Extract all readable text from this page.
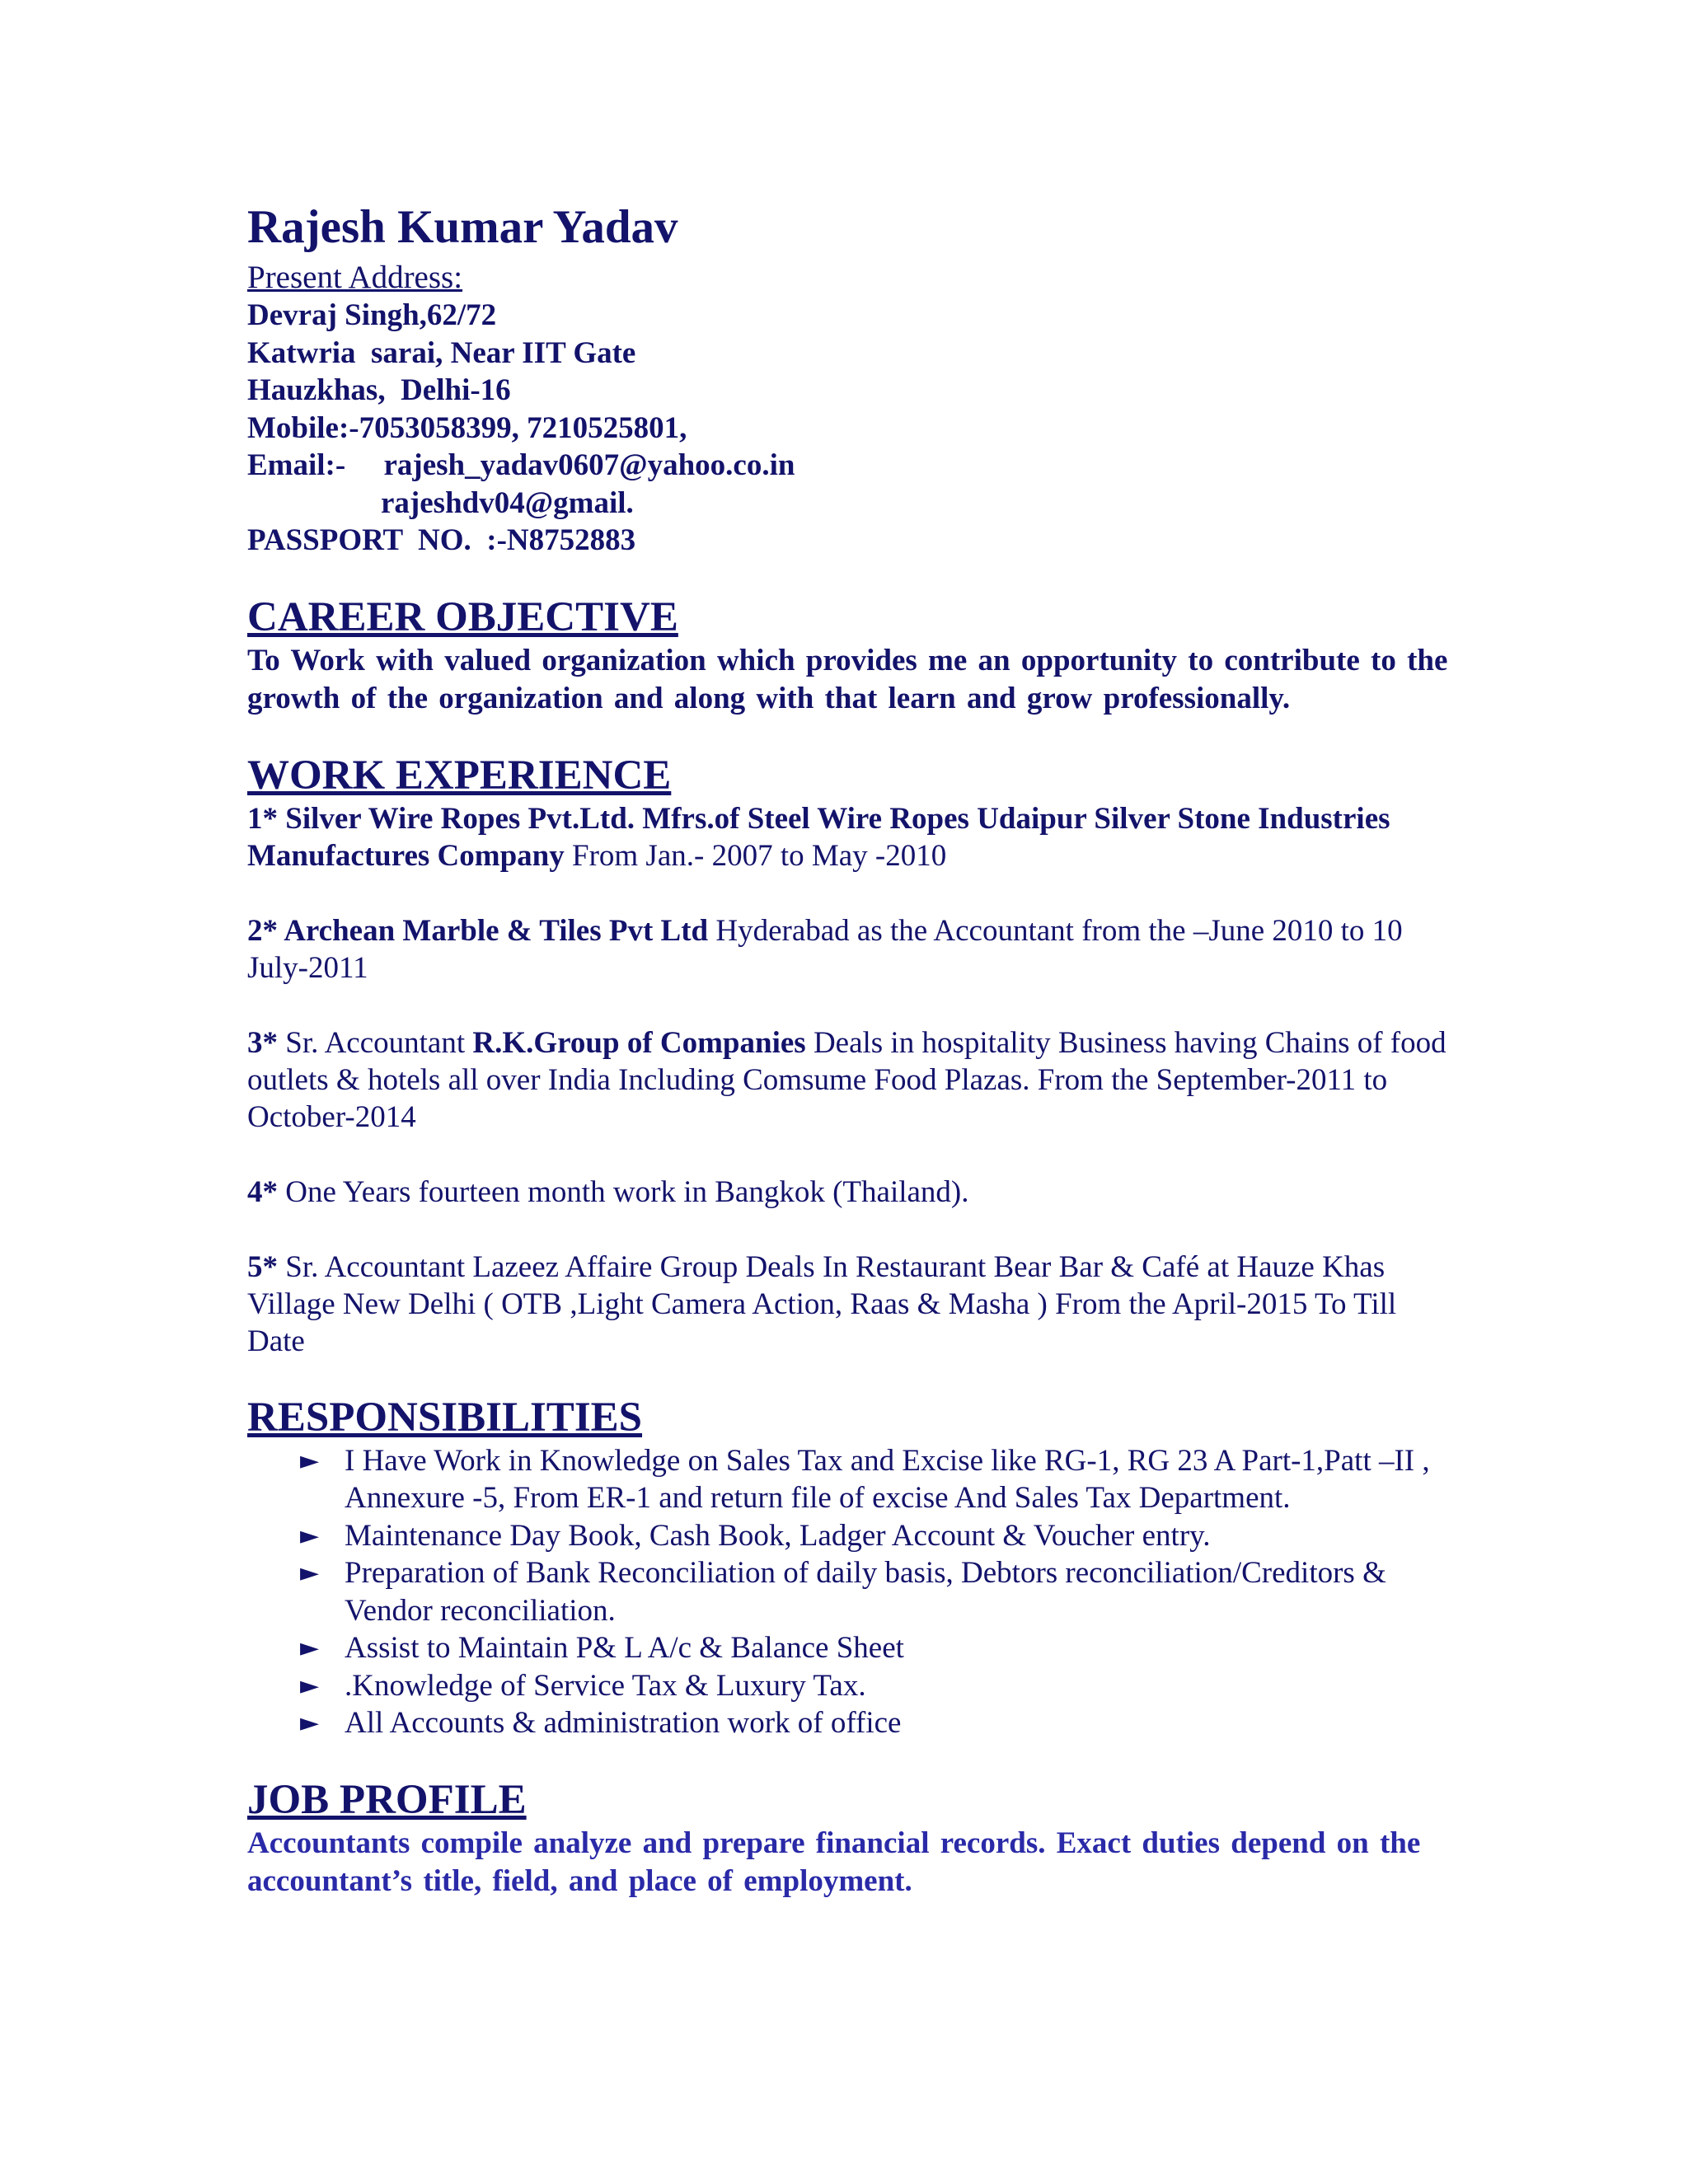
Rajesh Kumar Yadav
Present Address:
Devraj Singh,62/72
Katwria  sarai, Near IIT Gate
Hauzkhas,  Delhi-16
Mobile:-7053058399, 7210525801,
Email:- rajesh_yadav0607@yahoo.co.in
rajeshdv04@gmail.
PASSPORT  NO.  :-N8752883
CAREER OBJECTIVE
To Work with valued organization which provides me an opportunity to contribute to the growth of the organization and along with that learn and grow professionally.
WORK EXPERIENCE
1* Silver Wire Ropes Pvt.Ltd. Mfrs.of Steel Wire Ropes Udaipur Silver Stone Industries Manufactures Company From Jan.- 2007 to May -2010
2* Archean Marble & Tiles Pvt Ltd Hyderabad as the Accountant from the –June 2010 to 10 July-2011
3* Sr. Accountant R.K.Group of Companies Deals in hospitality Business having Chains of food outlets & hotels all over India Including Comsume Food Plazas. From the September-2011 to October-2014
4* One Years fourteen month work in Bangkok (Thailand).
5* Sr. Accountant Lazeez Affaire Group Deals In Restaurant Bear Bar & Café at Hauze Khas Village New Delhi ( OTB ,Light Camera Action, Raas & Masha ) From the April-2015 To Till Date
RESPONSIBILITIES
► I Have Work in Knowledge on Sales Tax and Excise like RG-1, RG 23 A Part-1,Patt –II , Annexure -5, From ER-1 and return file of excise And Sales Tax Department.
► Maintenance Day Book, Cash Book, Ladger Account & Voucher entry.
► Preparation of Bank Reconciliation of daily basis, Debtors reconciliation/Creditors & Vendor reconciliation.
► Assist to Maintain P& L A/c & Balance Sheet
► .Knowledge of Service Tax & Luxury Tax.
► All Accounts & administration work of office
JOB PROFILE
Accountants compile analyze and prepare financial records. Exact duties depend on the accountant’s title, field, and place of employment.
